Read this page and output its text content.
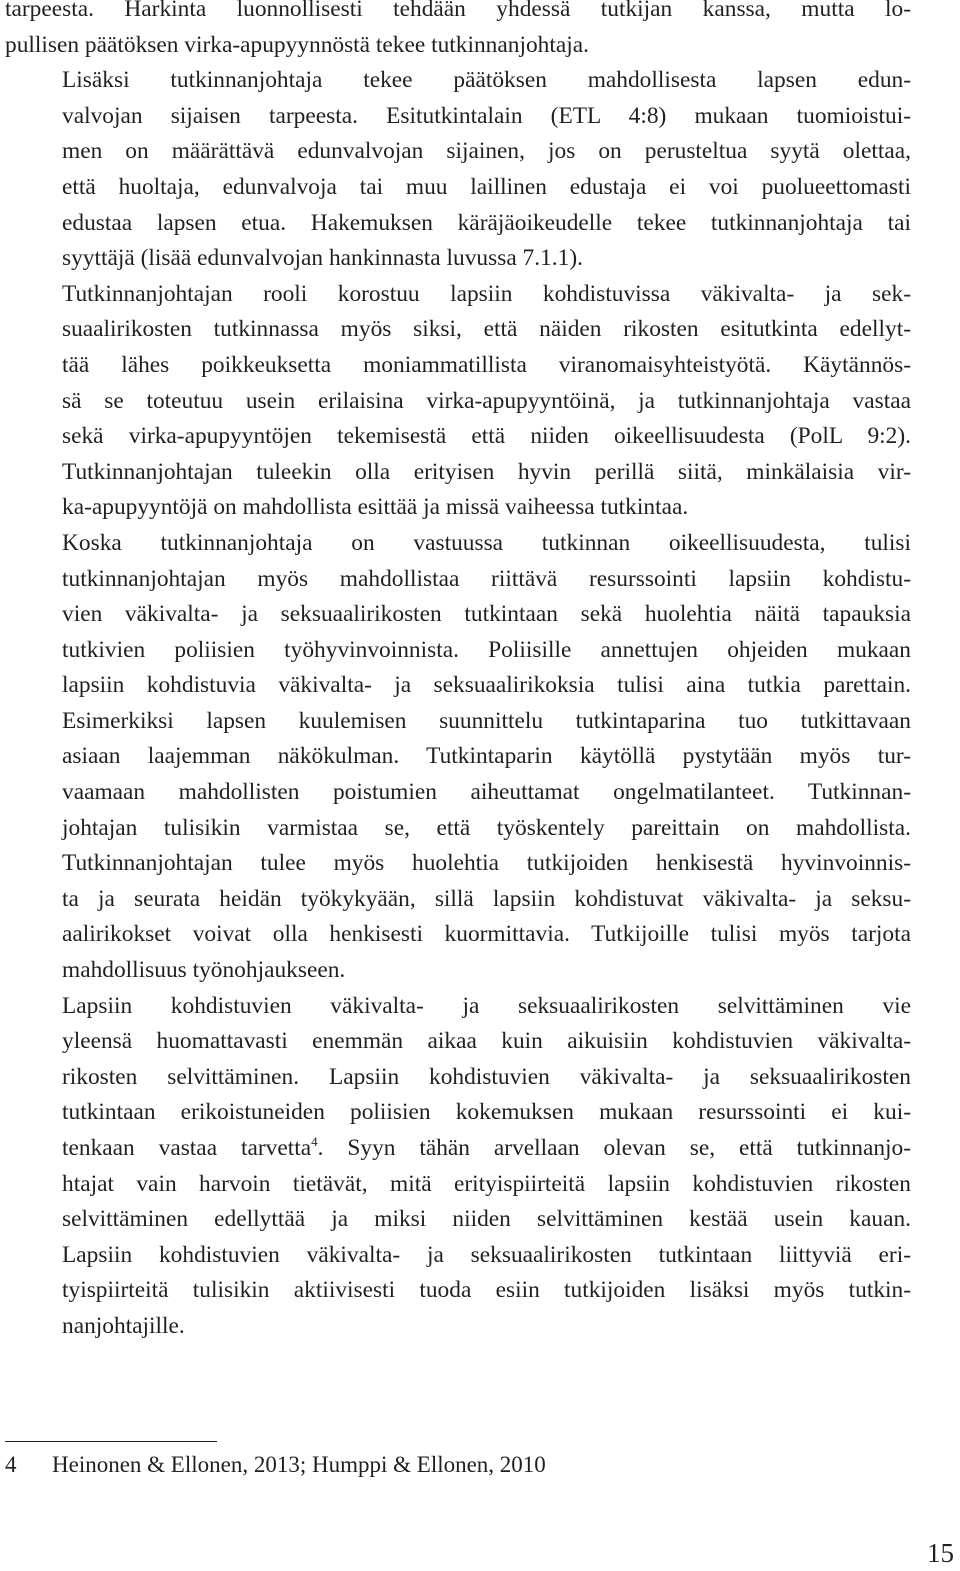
tarpeesta. Harkinta luonnollisesti tehdään yhdessä tutkijan kanssa, mutta lo-
pullisen päätöksen virka-apupyynnöstä tekee tutkinnanjohtaja.

Lisäksi tutkinnanjohtaja tekee päätöksen mahdollisesta lapsen edun-
valvojan sijaisen tarpeesta. Esitutkintalain (ETL 4:8) mukaan tuomioistui-
men on määrättävä edunvalvojan sijainen, jos on perusteltua syytä olettaa,
että huoltaja, edunvalvoja tai muu laillinen edustaja ei voi puolueettomasti
edustaa lapsen etua. Hakemuksen käräjäoikeudelle tekee tutkinnanjohtaja tai
syyttäjä (lisää edunvalvojan hankinnasta luvussa 7.1.1).

Tutkinnanjohtajan rooli korostuu lapsiin kohdistuvissa väkivalta- ja sek-
suaalirikosten tutkinnassa myös siksi, että näiden rikosten esitutkinta edellyt-
tää lähes poikkeuksetta moniammatillista viranomaisyhteistyötä. Käytännös-
sä se toteutuu usein erilaisina virka-apupyyntöinä, ja tutkinnanjohtaja vastaa
sekä virka-apupyyntöjen tekemisestä että niiden oikeellisuudesta (PolL 9:2).
Tutkinnanjohtajan tuleekin olla erityisen hyvin perillä siitä, minkälaisia vir-
ka-apupyyntöjä on mahdollista esittää ja missä vaiheessa tutkintaa.

Koska tutkinnanjohtaja on vastuussa tutkinnan oikeellisuudesta, tulisi
tutkinnanjohtajan myös mahdollistaa riittävä resurssointi lapsiin kohdistu-
vien väkivalta- ja seksuaalirikosten tutkintaan sekä huolehtia näitä tapauksia
tutkivien poliisien työhyvinvoinnista. Poliisille annettujen ohjeiden mukaan
lapsiin kohdistuvia väkivalta- ja seksuaalirikoksia tulisi aina tutkia parettain.
Esimerkiksi lapsen kuulemisen suunnittelu tutkintaparina tuo tutkittavaan
asiaan laajemman näkökulman. Tutkintaparin käytöllä pystytään myös tur-
vaamaan mahdollisten poistumien aiheuttamat ongelmatilanteet. Tutkinnan-
johtajan tulisikin varmistaa se, että työskentely pareittain on mahdollista.
Tutkinnanjohtajan tulee myös huolehtia tutkijoiden henkisestä hyvinvoinnis-
ta ja seurata heidän työkykyään, sillä lapsiin kohdistuvat väkivalta- ja seksu-
aalirikokset voivat olla henkisesti kuormittavia. Tutkijoille tulisi myös tarjota
mahdollisuus työnohjaukseen.

Lapsiin kohdistuvien väkivalta- ja seksuaalirikosten selvittäminen vie
yleensä huomattavasti enemmän aikaa kuin aikuisiin kohdistuvien väkivalta-
rikosten selvittäminen. Lapsiin kohdistuvien väkivalta- ja seksuaalirikosten
tutkintaan erikoistuneiden poliisien kokemuksen mukaan resurssointi ei kui-
tenkaan vastaa tarvetta$^4$. Syyn tähän arvellaan olevan se, että tutkinnanjo-
htajat vain harvoin tietävät, mitä erityispiirteitä lapsiin kohdistuvien rikosten
selvittäminen edellyttää ja miksi niiden selvittäminen kestää usein kauan.
Lapsiin kohdistuvien väkivalta- ja seksuaalirikosten tutkintaan liittyviä eri-
tyispiirteitä tulisikin aktiivisesti tuoda esiin tutkijoiden lisäksi myös tutkin-
nanjohtajille.

4 Heinonen & Ellonen, 2013; Humppi & Ellonen, 2010
15
